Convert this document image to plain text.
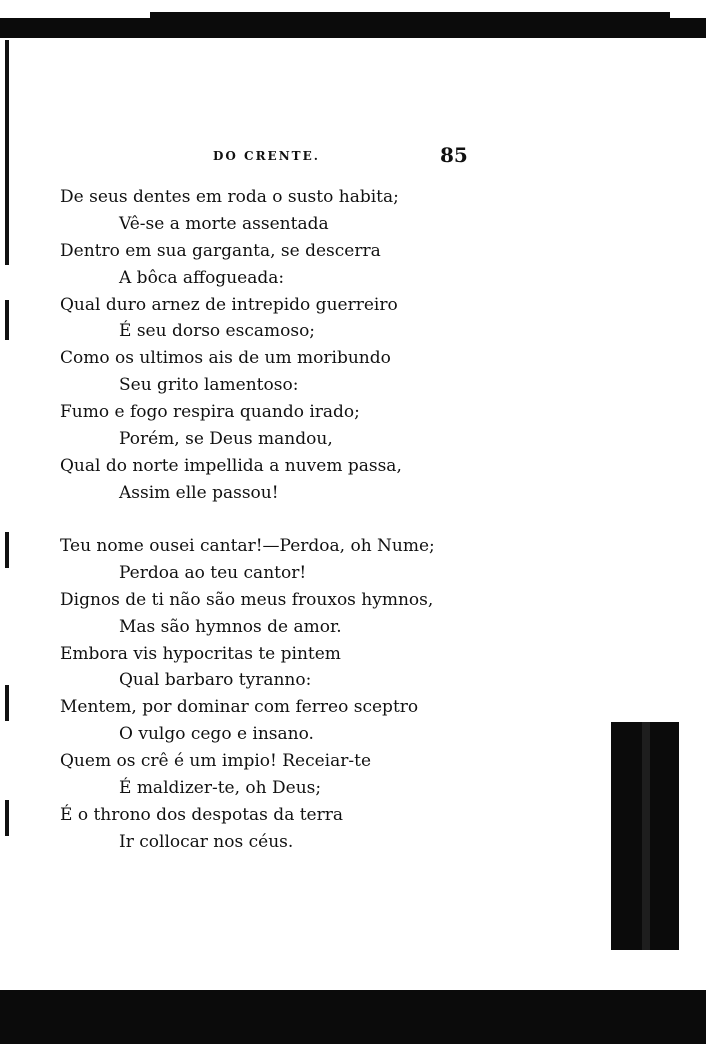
DO CRENTE.	85
De seus dentes em roda o susto habita;
Vê-se a morte assentada
Dentro em sua garganta, se descerra
A bôca affogueada:
Qual duro arnez de intrepido guerreiro
É seu dorso escamoso;
Como os ultimos ais de um moribundo
Seu grito lamentoso:
Fumo e fogo respira quando irado;
Porém, se Deus mandou,
Qual do norte impellida a nuvem passa,
Assim elle passou!
Teu nome ousei cantar!—Perdoa, oh Nume;
Perdoa ao teu cantor!
Dignos de ti não são meus frouxos hymnos,
Mas são hymnos de amor.
Embora vis hypocritas te pintem
Qual barbaro tyranno:
Mentem, por dominar com ferreo sceptro
O vulgo cego e insano.
Quem os crê é um impio! Receiar-te
É maldizer-te, oh Deus;
É o throno dos despotas da terra
Ir collocar nos céus.
